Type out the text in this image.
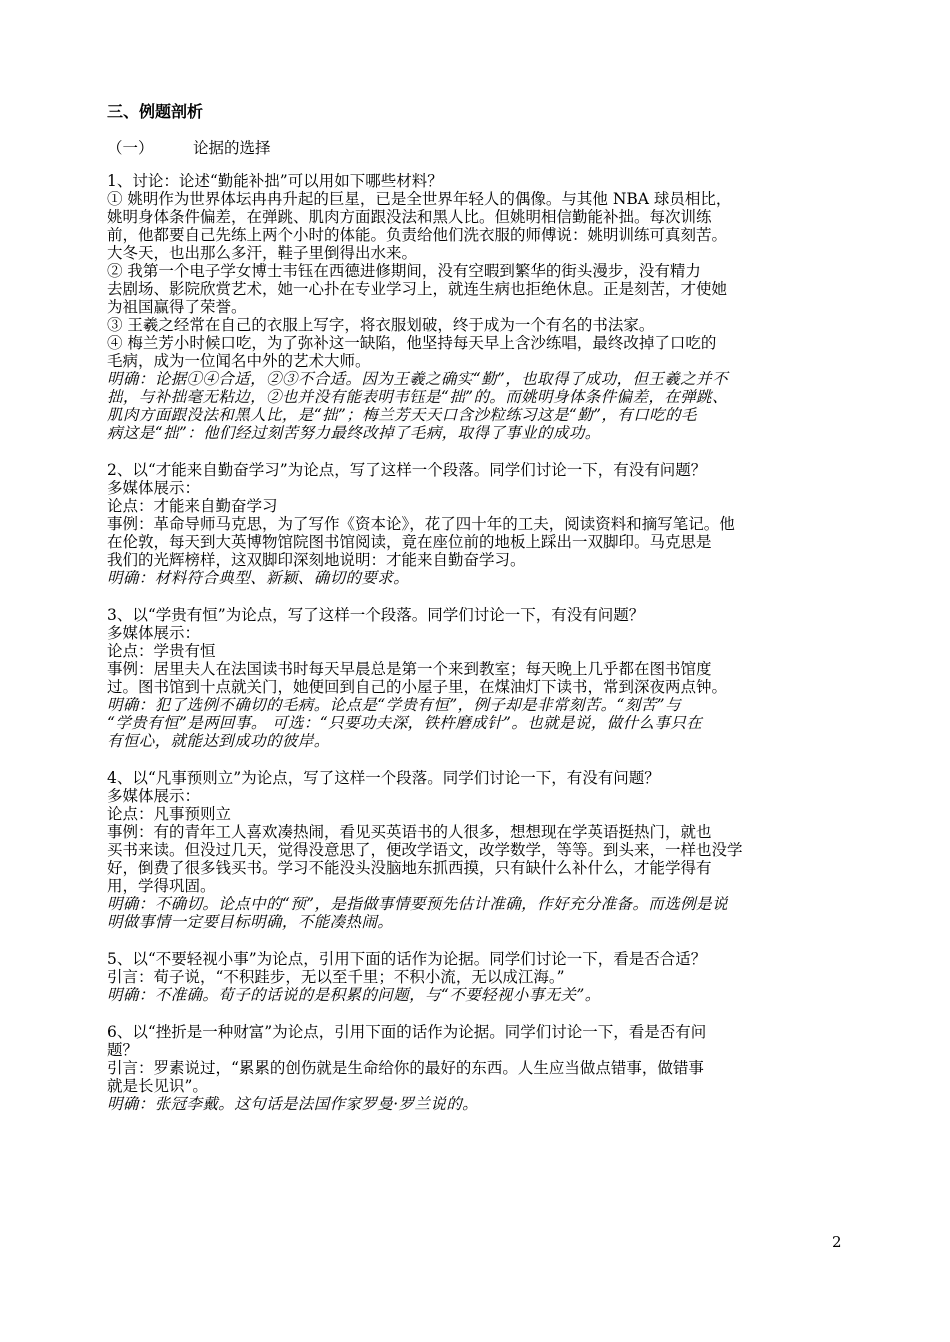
三、例题剖析
（一）	论据的选择
1、讨论：论述“勤能补拙”可以用如下哪些材料？
① 姚明作为世界体坛冉冉升起的巨星，已是全世界年轻人的偶像。与其他 NBA 球员相比，
姚明身体条件偏差，在弹跳、肌肉方面跟没法和黑人比。但姚明相信勤能补拙。每次训练
前，他都要自己先练上两个小时的体能。负责给他们洗衣服的师傅说：姚明训练可真刻苦。
大冬天，也出那么多汗，鞋子里倒得出水来。
② 我第一个电子学女博士韦钰在西德进修期间，没有空暇到繁华的街头漫步，没有精力
去剧场、影院欣赏艺术，她一心扑在专业学习上，就连生病也拒绝休息。正是刻苦，才使她
为祖国赢得了荣誉。
③ 王羲之经常在自己的衣服上写字，将衣服划破，终于成为一个有名的书法家。
④ 梅兰芳小时候口吃，为了弥补这一缺陷，他坚持每天早上含沙练唱，最终改掉了口吃的
毛病，成为一位闻名中外的艺术大师。
明确：论据①④合适，②③不合适。因为王羲之确实“勤”，也取得了成功，但王羲之并不
拙，与补拙毫无粘边，②也并没有能表明韦钰是“拙”的。而姚明身体条件偏差，在弹跳、
肌肉方面跟没法和黑人比，是“拙”；梅兰芳天天口含沙粒练习这是“勤”，有口吃的毛
病这是“拙”：他们经过刻苦努力最终改掉了毛病，取得了事业的成功。
2、以“才能来自勤奋学习”为论点，写了这样一个段落。同学们讨论一下，有没有问题？
多媒体展示：
论点：才能来自勤奋学习
事例：革命导师马克思，为了写作《资本论》，花了四十年的工夫，阅读资料和摘写笔记。他
在伦敦，每天到大英博物馆院图书馆阅读，竟在座位前的地板上踩出一双脚印。马克思是
我们的光辉榜样，这双脚印深刻地说明：才能来自勤奋学习。
明确：材料符合典型、新颖、确切的要求。
3、以“学贵有恒”为论点，写了这样一个段落。同学们讨论一下，有没有问题？
多媒体展示：
论点：学贵有恒
事例：居里夫人在法国读书时每天早晨总是第一个来到教室；每天晚上几乎都在图书馆度
过。图书馆到十点就关门，她便回到自己的小屋子里，在煤油灯下读书，常到深夜两点钟。
明确：犯了选例不确切的毛病。论点是“学贵有恒”，例子却是非常刻苦。“刻苦”与
“学贵有恒”是两回事。 可选：“只要功夫深，铁杵磨成针”。也就是说，做什么事只在
有恒心，就能达到成功的彼岸。
4、以“凡事预则立”为论点，写了这样一个段落。同学们讨论一下，有没有问题？
多媒体展示：
论点：凡事预则立
事例：有的青年工人喜欢凑热闹，看见买英语书的人很多，想想现在学英语挺热门，就也
买书来读。但没过几天，觉得没意思了，便改学语文，改学数学，等等。到头来，一样也没学
好，倒费了很多钱买书。学习不能没头没脑地东抓西摸，只有缺什么补什么，才能学得有
用，学得巩固。
明确：不确切。论点中的“预”，是指做事情要预先估计准确，作好充分准备。而选例是说
明做事情一定要目标明确，不能凑热闹。
5、以“不要轻视小事”为论点，引用下面的话作为论据。同学们讨论一下，看是否合适？
引言：荀子说，“不积跬步，无以至千里；不积小流，无以成江海。”
明确：不准确。荀子的话说的是积累的问题，与“不要轻视小事无关”。
6、以“挫折是一种财富”为论点，引用下面的话作为论据。同学们讨论一下，看是否有问
题？
引言：罗素说过，“累累的创伤就是生命给你的最好的东西。人生应当做点错事，做错事
就是长见识”。
明确：张冠李戴。这句话是法国作家罗曼·罗兰说的。
2
